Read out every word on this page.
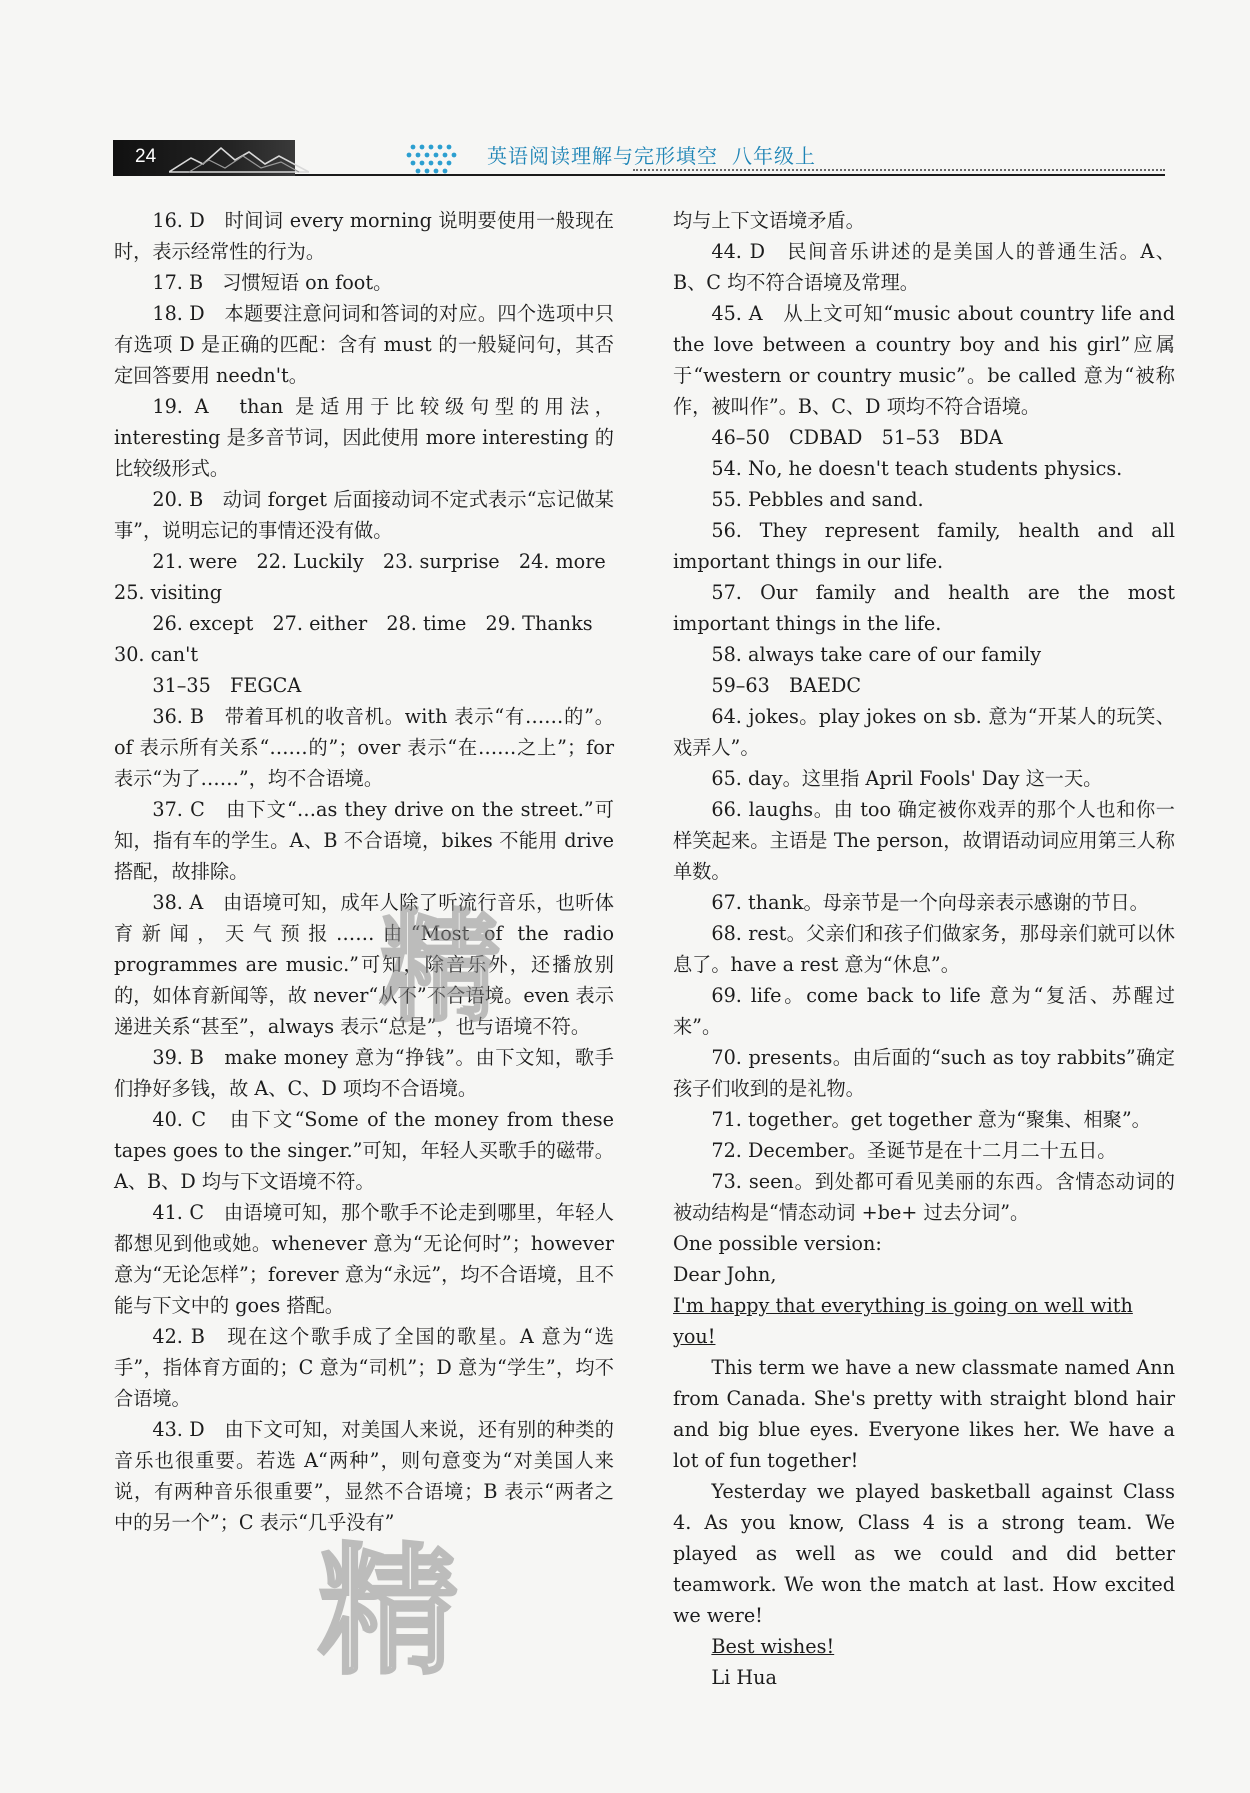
24	英语阅读理解与完形填空 八年级上

16. D　时间词 every morning 说明要使用一般现在时，表示经常性的行为。

17. B　习惯短语 on foot。

18. D　本题要注意问词和答词的对应。四个选项中只有选项 D 是正确的匹配：含有 must 的一般疑问句，其否定回答要用 needn't。

19. A　than 是适用于比较级句型的用法，interesting 是多音节词，因此使用 more interesting 的比较级形式。

20. B　动词 forget 后面接动词不定式表示“忘记做某事”，说明忘记的事情还没有做。

21. were　22. Luckily　23. surprise　24. more　25. visiting

26. except　27. either　28. time　29. Thanks　30. can't

31–35　FEGCA

36. B　带着耳机的收音机。with 表示“有……的”。of 表示所有关系“……的”；over 表示“在……之上”；for 表示“为了……”，均不合语境。

37. C　由下文“…as they drive on the street.”可知，指有车的学生。A、B 不合语境，bikes 不能用 drive 搭配，故排除。

38. A　由语境可知，成年人除了听流行音乐，也听体育新闻，天气预报……由“Most of the radio programmes are music.”可知，除音乐外，还播放别的，如体育新闻等，故 never“从不”不合语境。even 表示递进关系“甚至”，always 表示“总是”，也与语境不符。

39. B　make money 意为“挣钱”。由下文知，歌手们挣好多钱，故 A、C、D 项均不合语境。

40. C　由下文“Some of the money from these tapes goes to the singer.”可知，年轻人买歌手的磁带。A、B、D 均与下文语境不符。

41. C　由语境可知，那个歌手不论走到哪里，年轻人都想见到他或她。whenever 意为“无论何时”；however 意为“无论怎样”；forever 意为“永远”，均不合语境，且不能与下文中的 goes 搭配。

42. B　现在这个歌手成了全国的歌星。A 意为“选手”，指体育方面的；C 意为“司机”；D 意为“学生”，均不合语境。

43. D　由下文可知，对美国人来说，还有别的种类的音乐也很重要。若选 A“两种”，则句意变为“对美国人来说，有两种音乐很重要”，显然不合语境；B 表示“两者之中的另一个”；C 表示“几乎没有”

均与上下文语境矛盾。

44. D　民间音乐讲述的是美国人的普通生活。A、B、C 均不符合语境及常理。

45. A　从上文可知“music about country life and the love between a country boy and his girl”应属于“western or country music”。be called 意为“被称作，被叫作”。B、C、D 项均不符合语境。

46–50　CDBAD　51–53　BDA

54. No, he doesn't teach students physics.

55. Pebbles and sand.

56. They represent family, health and all important things in our life.

57. Our family and health are the most important things in the life.

58. always take care of our family

59–63　BAEDC

64. jokes。play jokes on sb. 意为“开某人的玩笑、戏弄人”。

65. day。这里指 April Fools' Day 这一天。

66. laughs。由 too 确定被你戏弄的那个人也和你一样笑起来。主语是 The person，故谓语动词应用第三人称单数。

67. thank。母亲节是一个向母亲表示感谢的节日。

68. rest。父亲们和孩子们做家务，那母亲们就可以休息了。have a rest 意为“休息”。

69. life。come back to life 意为“复活、苏醒过来”。

70. presents。由后面的“such as toy rabbits”确定孩子们收到的是礼物。

71. together。get together 意为“聚集、相聚”。

72. December。圣诞节是在十二月二十五日。

73. seen。到处都可看见美丽的东西。含情态动词的被动结构是“情态动词 +be+ 过去分词”。

One possible version:

Dear John,

I'm happy that everything is going on well with you!

This term we have a new classmate named Ann from Canada. She's pretty with straight blond hair and big blue eyes. Everyone likes her. We have a lot of fun together!

Yesterday we played basketball against Class 4. As you know, Class 4 is a strong team. We played as well as we could and did better teamwork. We won the match at last. How excited we were!

Best wishes!

Li Hua

精
精
